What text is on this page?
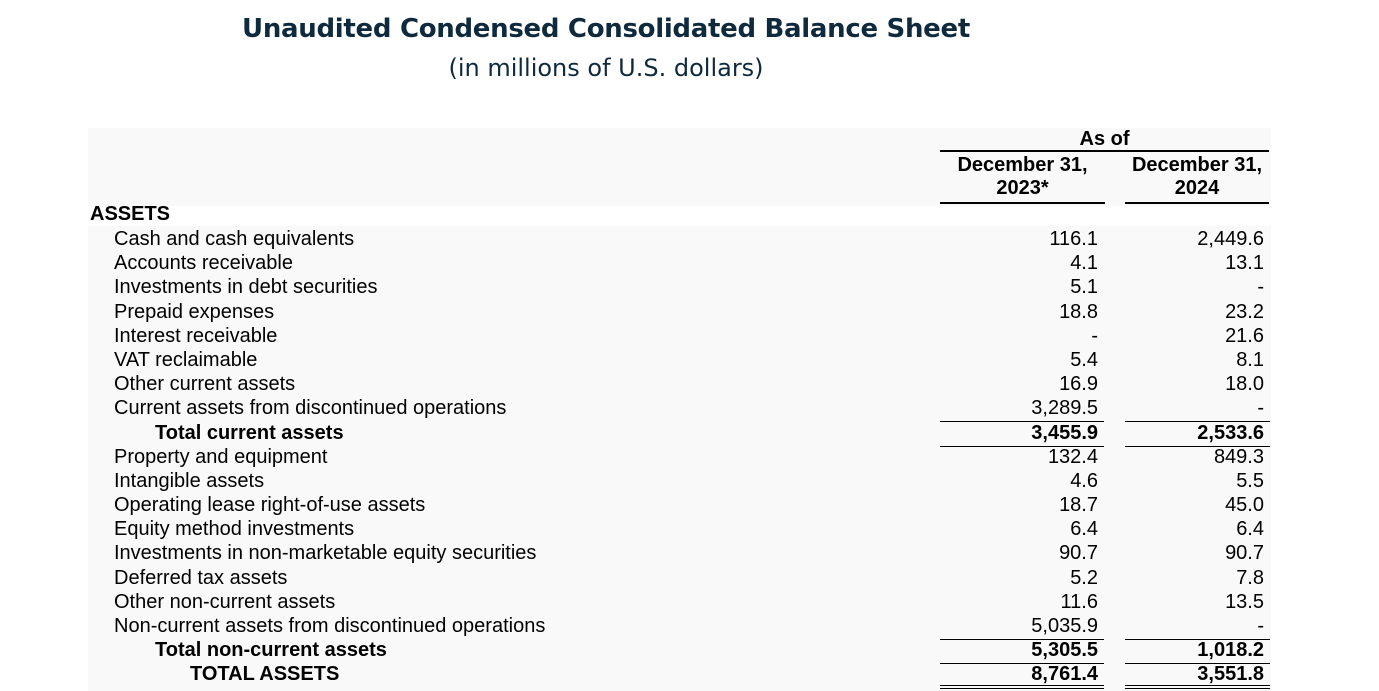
Unaudited Condensed Consolidated Balance Sheet
(in millions of U.S. dollars)
As of
December 31,
2023*
December 31,
2024
ASSETS
Cash and cash equivalents	116.1	2,449.6
Accounts receivable	4.1	13.1
Investments in debt securities	5.1	-
Prepaid expenses	18.8	23.2
Interest receivable	-	21.6
VAT reclaimable	5.4	8.1
Other current assets	16.9	18.0
Current assets from discontinued operations	3,289.5	-
Total current assets	3,455.9	2,533.6
Property and equipment	132.4	849.3
Intangible assets	4.6	5.5
Operating lease right-of-use assets	18.7	45.0
Equity method investments	6.4	6.4
Investments in non-marketable equity securities	90.7	90.7
Deferred tax assets	5.2	7.8
Other non-current assets	11.6	13.5
Non-current assets from discontinued operations	5,035.9	-
Total non-current assets	5,305.5	1,018.2
TOTAL ASSETS	8,761.4	3,551.8
